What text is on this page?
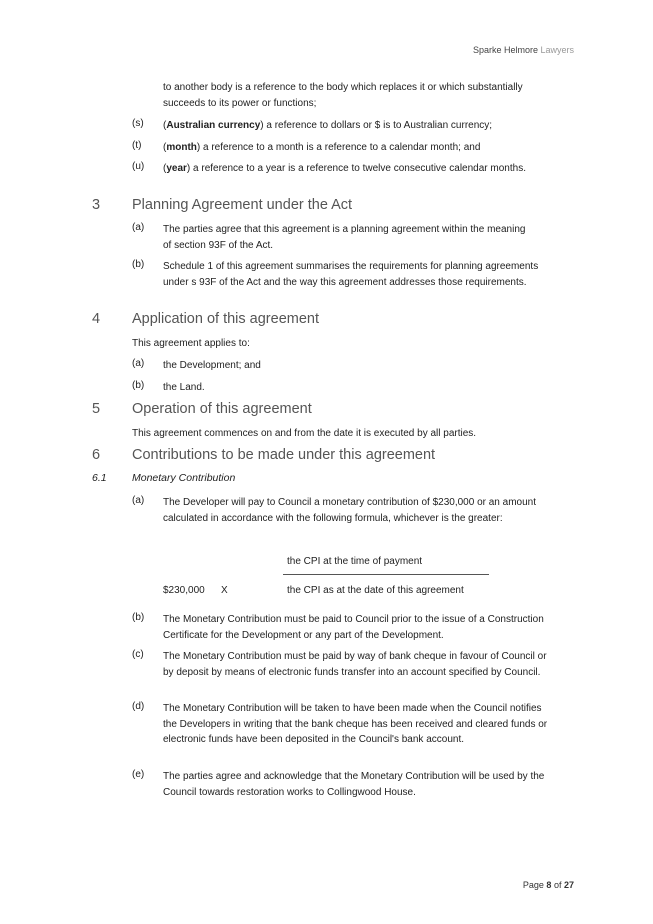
Sparke Helmore Lawyers
to another body is a reference to the body which replaces it or which substantially succeeds to its power or functions;
(s) (Australian currency) a reference to dollars or $ is to Australian currency;
(t) (month) a reference to a month is a reference to a calendar month; and
(u) (year) a reference to a year is a reference to twelve consecutive calendar months.
3 Planning Agreement under the Act
(a) The parties agree that this agreement is a planning agreement within the meaning of section 93F of the Act.
(b) Schedule 1 of this agreement summarises the requirements for planning agreements under s 93F of the Act and the way this agreement addresses those requirements.
4 Application of this agreement
This agreement applies to:
(a) the Development; and
(b) the Land.
5 Operation of this agreement
This agreement commences on and from the date it is executed by all parties.
6 Contributions to be made under this agreement
6.1 Monetary Contribution
(a) The Developer will pay to Council a monetary contribution of $230,000 or an amount calculated in accordance with the following formula, whichever is the greater:
the CPI at the time of payment
$230,000 X	the CPI as at the date of this agreement
(b) The Monetary Contribution must be paid to Council prior to the issue of a Construction Certificate for the Development or any part of the Development.
(c) The Monetary Contribution must be paid by way of bank cheque in favour of Council or by deposit by means of electronic funds transfer into an account specified by Council.
(d) The Monetary Contribution will be taken to have been made when the Council notifies the Developers in writing that the bank cheque has been received and cleared funds or electronic funds have been deposited in the Council's bank account.
(e) The parties agree and acknowledge that the Monetary Contribution will be used by the Council towards restoration works to Collingwood House.
Page 8 of 27
